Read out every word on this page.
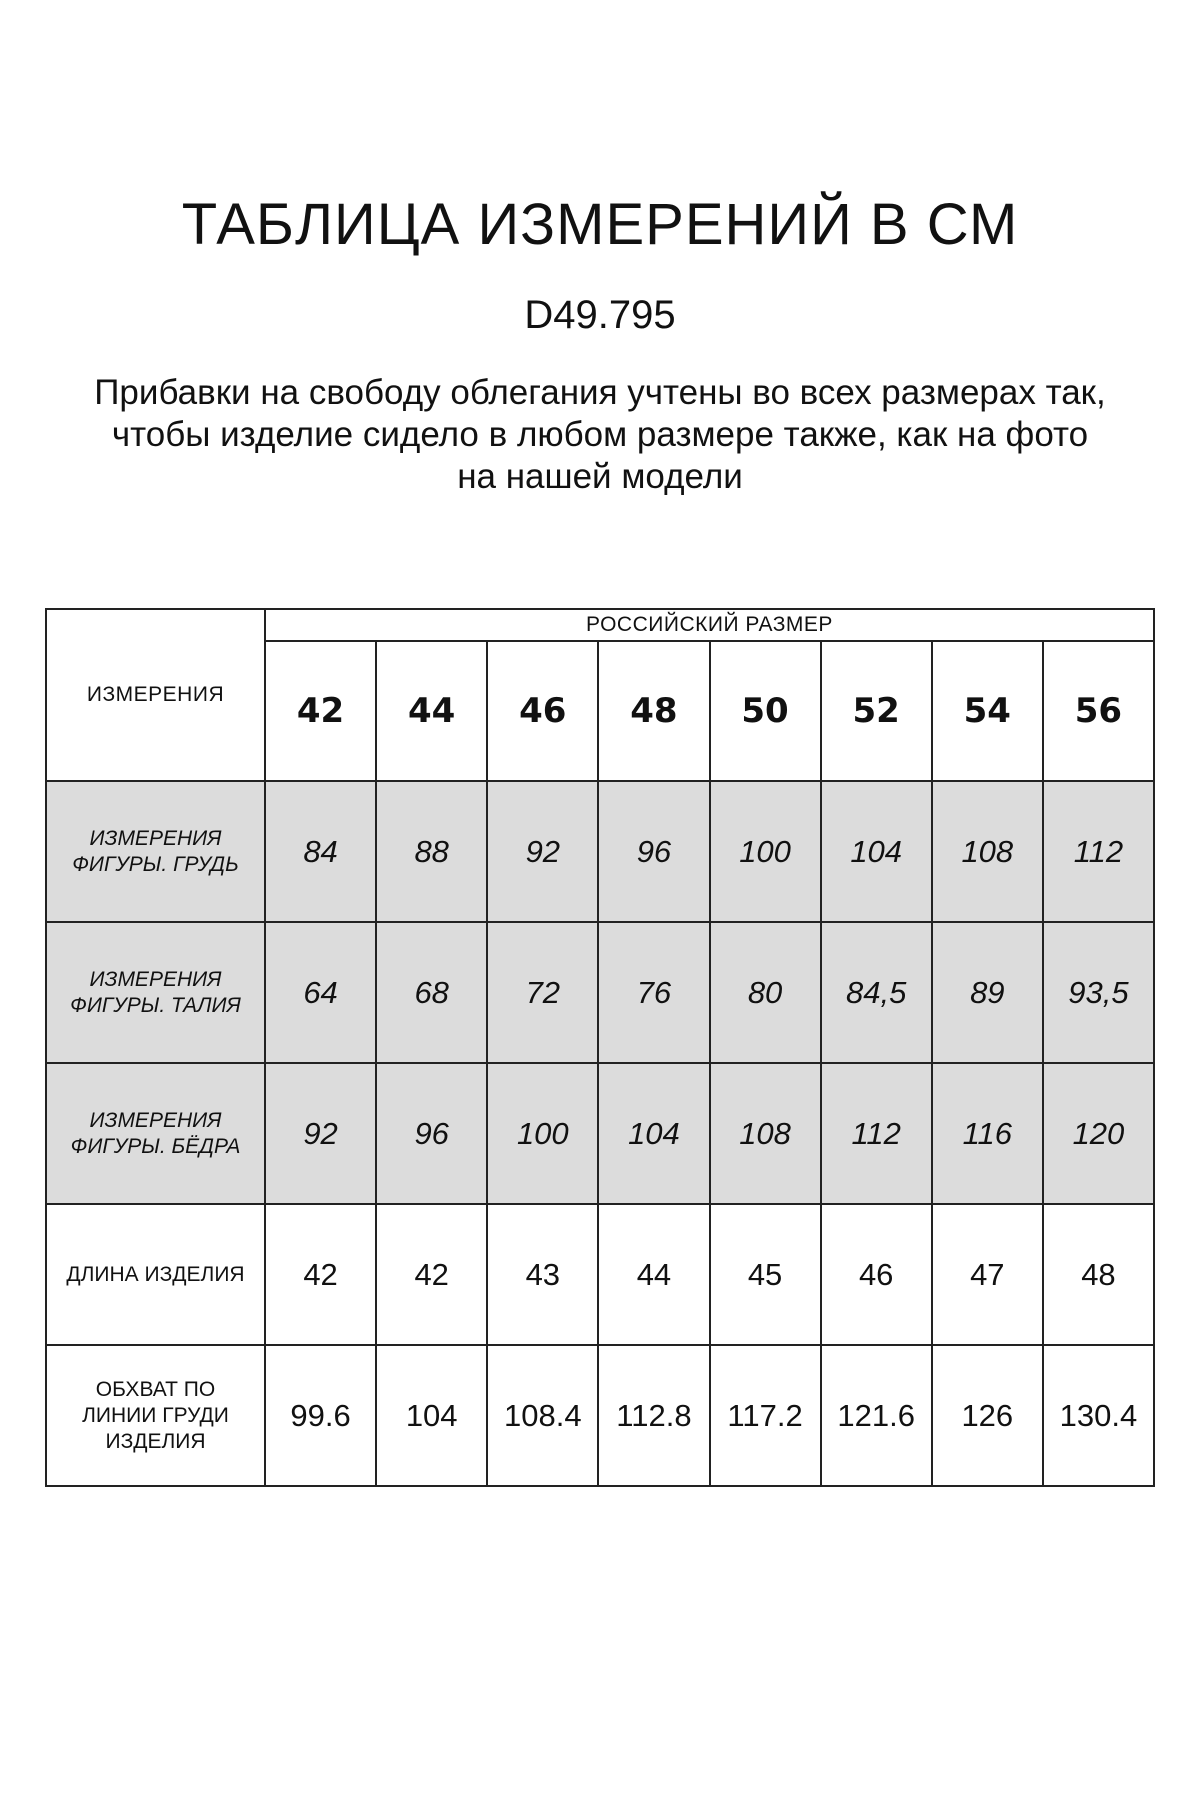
ТАБЛИЦА ИЗМЕРЕНИЙ В СМ
D49.795
Прибавки на свободу облегания учтены во всех размерах так,
чтобы изделие сидело в любом размере также, как на фото
на нашей модели
ИЗМЕРЕНИЯ	РОССИЙСКИЙ РАЗМЕР							
	42	44	46	48	50	52	54	56

ИЗМЕРЕНИЯ
ФИГУРЫ. ГРУДЬ	84	88	92	96	100	104	108	112

ИЗМЕРЕНИЯ
ФИГУРЫ. ТАЛИЯ	64	68	72	76	80	84,5	89	93,5

ИЗМЕРЕНИЯ
ФИГУРЫ. БЁДРА	92	96	100	104	108	112	116	120

ДЛИНА ИЗДЕЛИЯ	42	42	43	44	45	46	47	48

ОБХВАТ ПО
ЛИНИИ ГРУДИ
ИЗДЕЛИЯ	99.6	104	108.4	112.8	117.2	121.6	126	130.4
